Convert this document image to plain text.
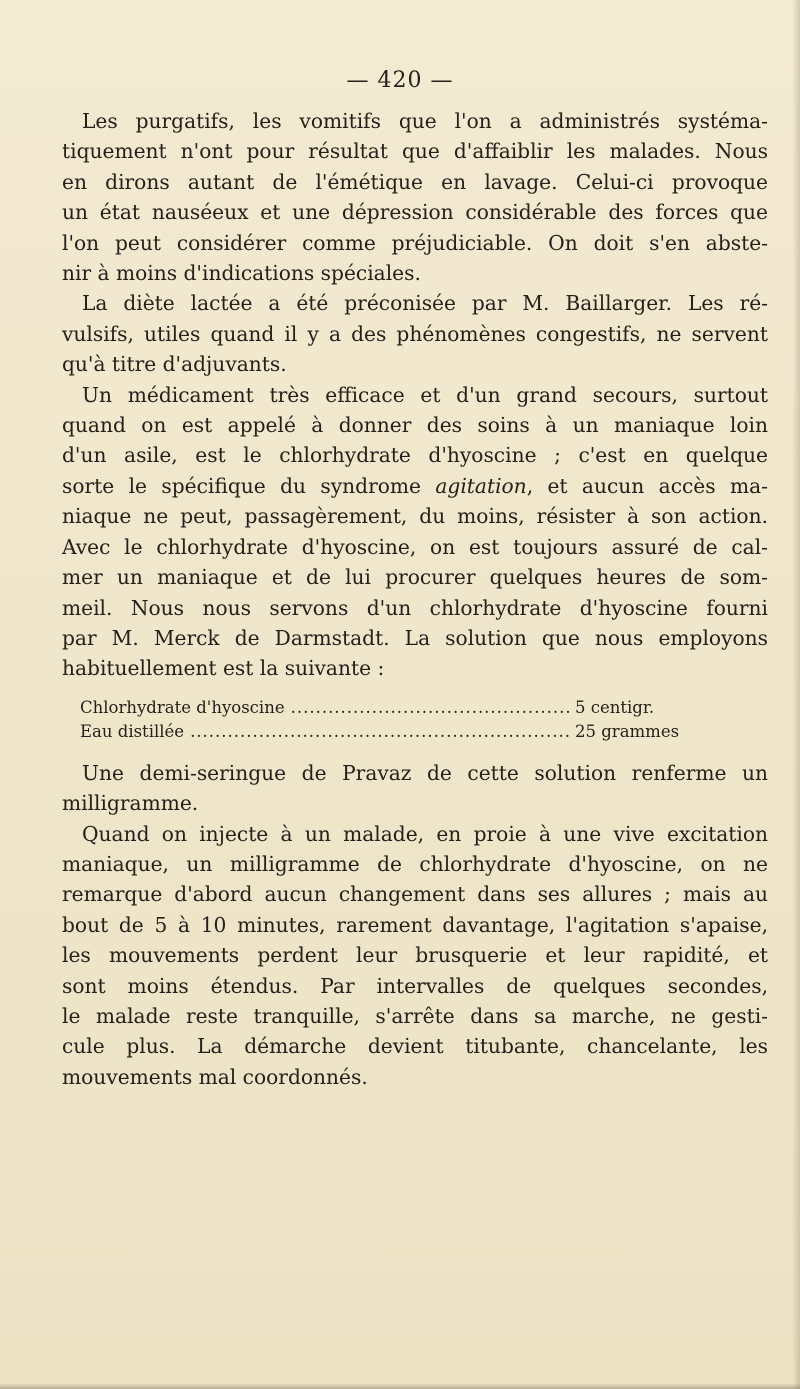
— 420 —

Les purgatifs, les vomitifs que l'on a administrés systéma-
tiquement n'ont pour résultat que d'affaiblir les malades. Nous
en dirons autant de l'émétique en lavage. Celui-ci provoque
un état nauséeux et une dépression considérable des forces que
l'on peut considérer comme préjudiciable. On doit s'en abste-
nir à moins d'indications spéciales.

La diète lactée a été préconisée par M. Baillarger. Les ré-
vulsifs, utiles quand il y a des phénomènes congestifs, ne servent
qu'à titre d'adjuvants.

Un médicament très efficace et d'un grand secours, surtout
quand on est appelé à donner des soins à un maniaque loin
d'un asile, est le chlorhydrate d'hyoscine ; c'est en quelque
sorte le spécifique du syndrome agitation, et aucun accès ma-
niaque ne peut, passagèrement, du moins, résister à son action.
Avec le chlorhydrate d'hyoscine, on est toujours assuré de cal-
mer un maniaque et de lui procurer quelques heures de som-
meil. Nous nous servons d'un chlorhydrate d'hyoscine fourni
par M. Merck de Darmstadt. La solution que nous employons
habituellement est la suivante :

Chlorhydrate d'hyoscine .....	5 centigr.
Eau distillée .....	25 grammes

Une demi-seringue de Pravaz de cette solution renferme un
milligramme.

Quand on injecte à un malade, en proie à une vive excitation
maniaque, un milligramme de chlorhydrate d'hyoscine, on ne
remarque d'abord aucun changement dans ses allures ; mais au
bout de 5 à 10 minutes, rarement davantage, l'agitation s'apaise,
les mouvements perdent leur brusquerie et leur rapidité, et
sont moins étendus. Par intervalles de quelques secondes,
le malade reste tranquille, s'arrête dans sa marche, ne gesti-
cule plus. La démarche devient titubante, chancelante, les
mouvements mal coordonnés.
